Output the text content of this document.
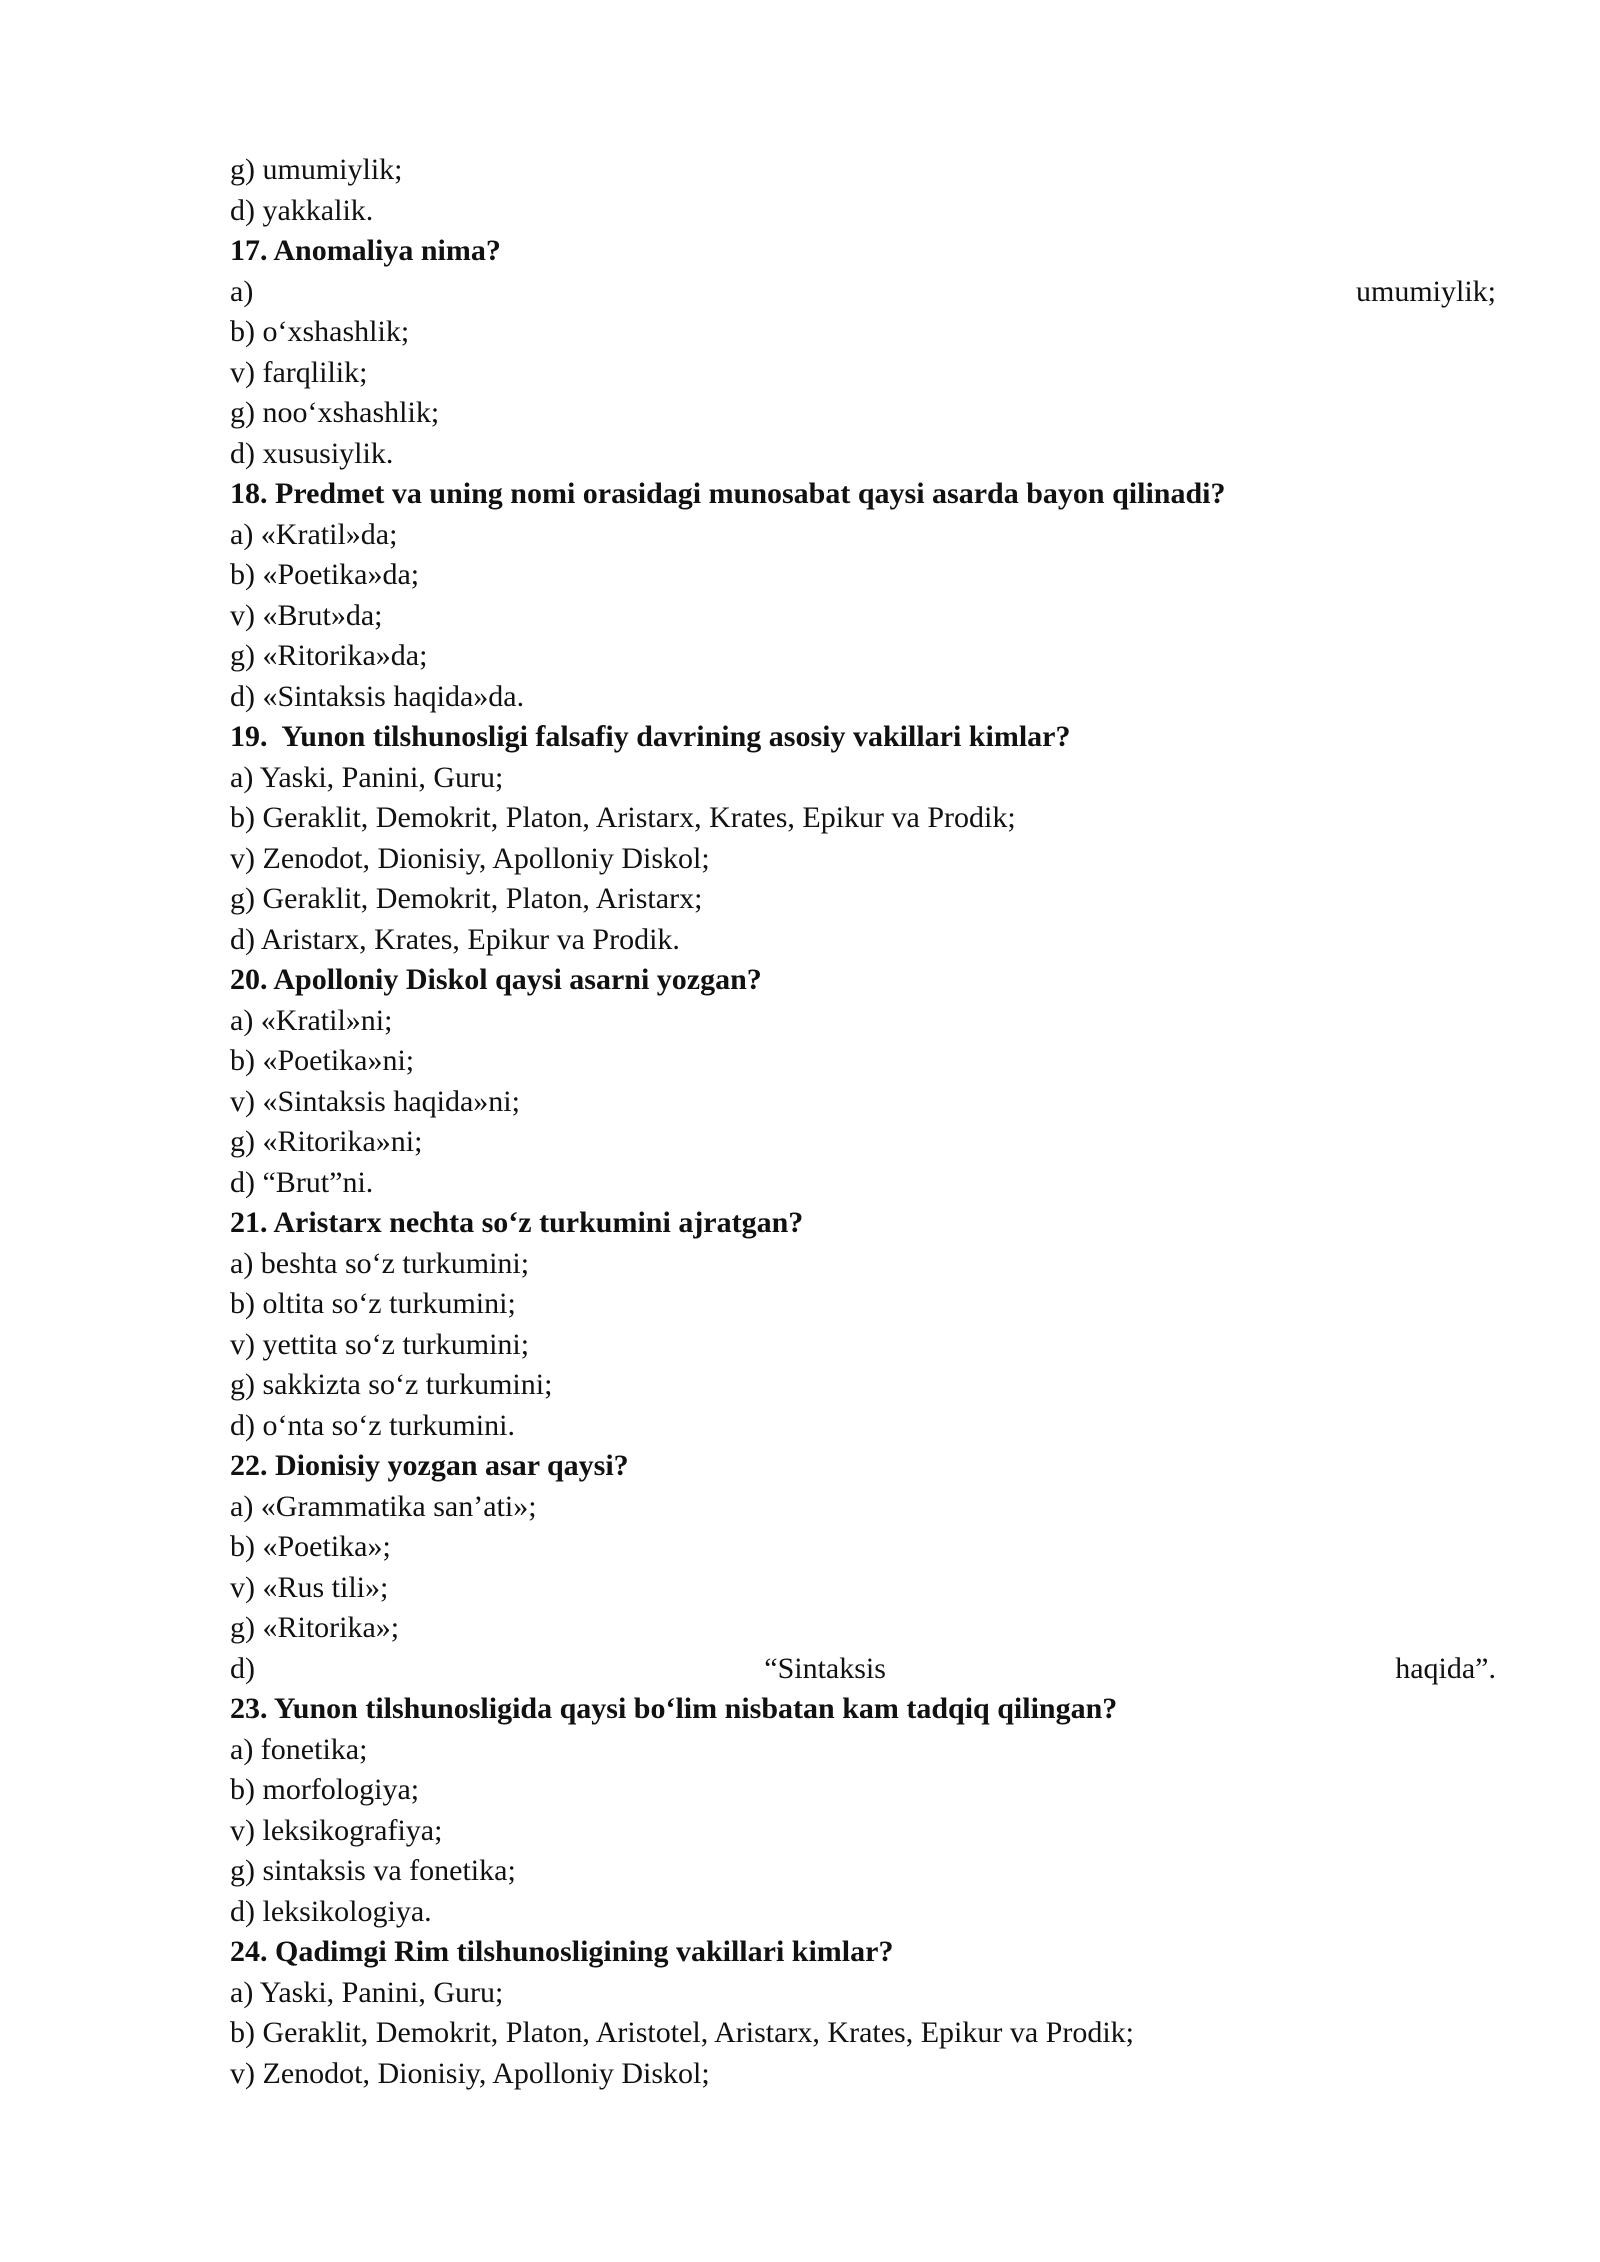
g) umumiylik;
d) yakkalik.
17. Anomaliya nima?
a)	umumiylik;
b) o‘xshashlik;
v) farqlilik;
g) noo‘xshashlik;
d) xususiylik.
18. Predmet va uning nomi orasidagi munosabat qaysi asarda bayon qilinadi?
a) «Kratil»da;
b) «Poetika»da;
v) «Brut»da;
g) «Ritorika»da;
d) «Sintaksis haqida»da.
19.  Yunon tilshunosligi falsafiy davrining asosiy vakillari kimlar?
a) Yaski, Panini, Guru;
b) Geraklit, Demokrit, Platon, Aristarx, Krates, Epikur va Prodik;
v) Zenodot, Dionisiy, Apolloniy Diskol;
g) Geraklit, Demokrit, Platon, Aristarx;
d) Aristarx, Krates, Epikur va Prodik.
20. Apolloniy Diskol qaysi asarni yozgan?
a) «Kratil»ni;
b) «Poetika»ni;
v) «Sintaksis haqida»ni;
g) «Ritorika»ni;
d) “Brut”ni.
21. Aristarx nechta so‘z turkumini ajratgan?
a) beshta so‘z turkumini;
b) oltita so‘z turkumini;
v) yettita so‘z turkumini;
g) sakkizta so‘z turkumini;
d) o‘nta so‘z turkumini.
22. Dionisiy yozgan asar qaysi?
a) «Grammatika san’ati»;
b) «Poetika»;
v) «Rus tili»;
g) «Ritorika»;
d)	“Sintaksis	haqida”.
23. Yunon tilshunosligida qaysi bo‘lim nisbatan kam tadqiq qilingan?
a) fonetika;
b) morfologiya;
v) leksikografiya;
g) sintaksis va fonetika;
d) leksikologiya.
24. Qadimgi Rim tilshunosligining vakillari kimlar?
a) Yaski, Panini, Guru;
b) Geraklit, Demokrit, Platon, Aristotel, Aristarx, Krates, Epikur va Prodik;
v) Zenodot, Dionisiy, Apolloniy Diskol;
